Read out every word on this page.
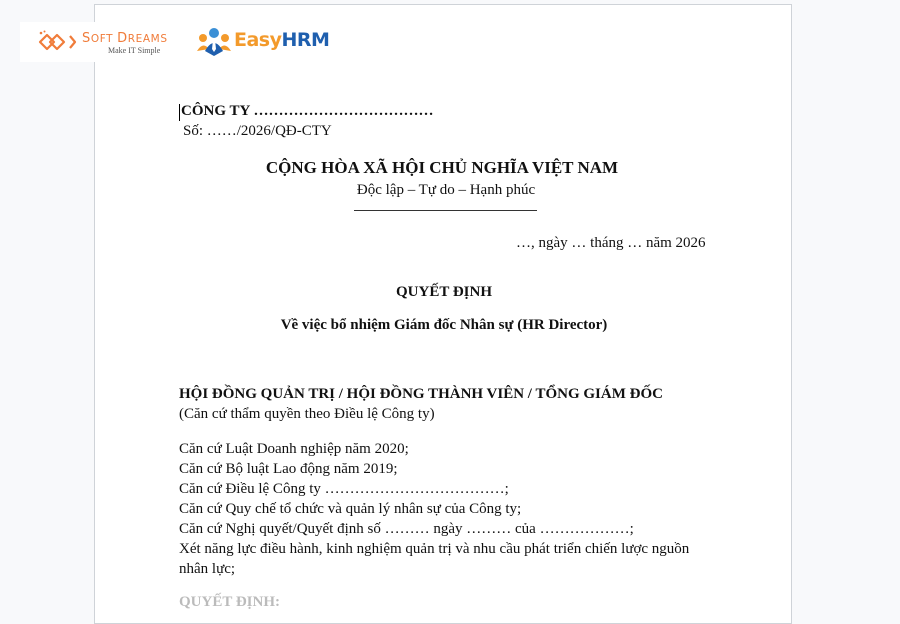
SOFT DREAMS
Make IT Simple	EasyHRM
CÔNG TY ………………………………
Số: ……/2026/QĐ-CTY
CỘNG HÒA XÃ HỘI CHỦ NGHĨA VIỆT NAM
Độc lập – Tự do – Hạnh phúc
…, ngày … tháng … năm 2026
QUYẾT ĐỊNH
Về việc bổ nhiệm Giám đốc Nhân sự (HR Director)
HỘI ĐỒNG QUẢN TRỊ / HỘI ĐỒNG THÀNH VIÊN / TỔNG GIÁM ĐỐC
(Căn cứ thẩm quyền theo Điều lệ Công ty)
Căn cứ Luật Doanh nghiệp năm 2020;
Căn cứ Bộ luật Lao động năm 2019;
Căn cứ Điều lệ Công ty ………………………………;
Căn cứ Quy chế tổ chức và quản lý nhân sự của Công ty;
Căn cứ Nghị quyết/Quyết định số ……… ngày ……… của ………………;
Xét năng lực điều hành, kinh nghiệm quản trị và nhu cầu phát triển chiến lược nguồn
nhân lực;
QUYẾT ĐỊNH:
